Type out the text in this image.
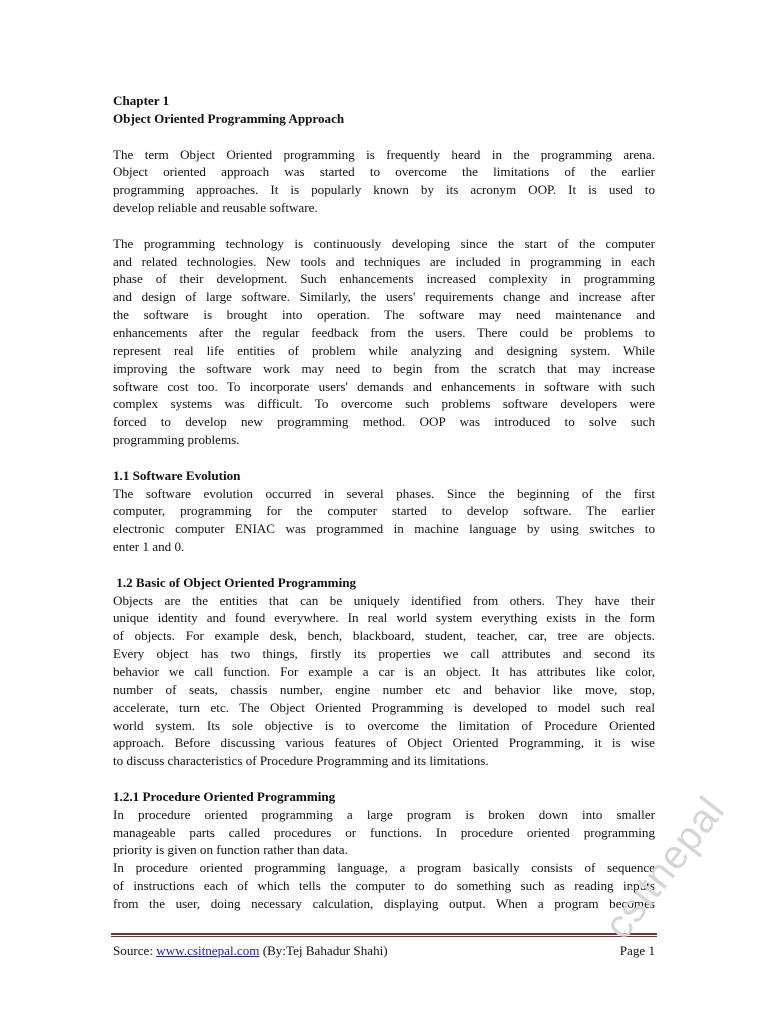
Chapter 1

Object Oriented Programming Approach

The term Object Oriented programming is frequently heard in the programming arena.

Object oriented approach was started to overcome the limitations of the earlier

programming approaches. It is popularly known by its acronym OOP. It is used to

develop reliable and reusable software.

The programming technology is continuously developing since the start of the computer

and related technologies. New tools and techniques are included in programming in each

phase of their development. Such enhancements increased complexity in programming

and design of large software. Similarly, the users' requirements change and increase after

the software is brought into operation. The software may need maintenance and

enhancements after the regular feedback from the users. There could be problems to

represent real life entities of problem while analyzing and designing system. While

improving the software work may need to begin from the scratch that may increase

software cost too. To incorporate users' demands and enhancements in software with such

complex systems was difficult. To overcome such problems software developers were

forced to develop new programming method. OOP was introduced to solve such

programming problems.

1.1 Software Evolution

The software evolution occurred in several phases. Since the beginning of the first

computer, programming for the computer started to develop software. The earlier

electronic computer ENIAC was programmed in machine language by using switches to

enter 1 and 0.

1.2 Basic of Object Oriented Programming

Objects are the entities that can be uniquely identified from others. They have their

unique identity and found everywhere. In real world system everything exists in the form

of objects. For example desk, bench, blackboard, student, teacher, car, tree are objects.

Every object has two things, firstly its properties we call attributes and second its

behavior we call function. For example a car is an object. It has attributes like color,

number of seats, chassis number, engine number etc and behavior like move, stop,

accelerate, turn etc. The Object Oriented Programming is developed to model such real

world system. Its sole objective is to overcome the limitation of Procedure Oriented

approach. Before discussing various features of Object Oriented Programming, it is wise

to discuss characteristics of Procedure Programming and its limitations.

1.2.1 Procedure Oriented Programming

In procedure oriented programming a large program is broken down into smaller

manageable parts called procedures or functions. In procedure oriented programming

priority is given on function rather than data.

In procedure oriented programming language, a program basically consists of sequence

of instructions each of which tells the computer to do something such as reading inputs

from the user, doing necessary calculation, displaying output. When a program becomes

Source: www.csitnepal.com (By:Tej Bahadur Shahi)	Page 1
csitnepal
